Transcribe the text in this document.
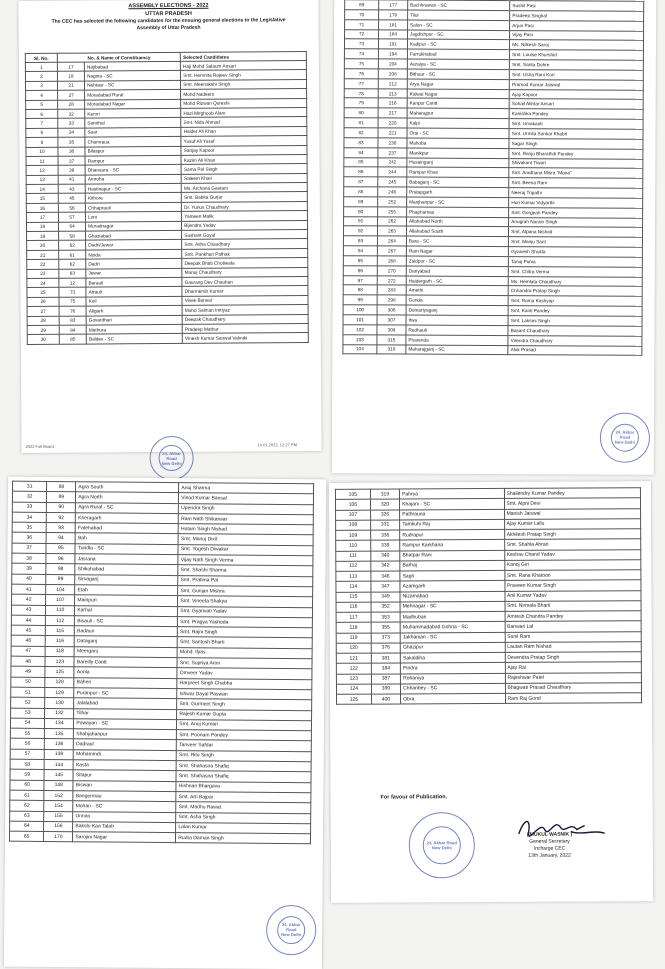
ASSEMBLY ELECTIONS - 2022
UTTAR PRADESH
The CEC has selected the following candidates for the ensuing general elections to the Legislative Assembly of Uttar Pradesh
Sl. No.	No. & Name of Constituency		Selected Candidates
1	17	Najibabad	Haji Mohd Salaum Ansari
2	18	Nagina - SC	Smt. Hemnita Rajeev Singh
3	21	Nehtaur - SC	Smt. Meenakshi Singh
4	27	Moradabad Rural	Mohd Nadeem
5	28	Moradabad Nagar	Mohd Rizwan Qureshi
6	32	Kemri	Hazi Mirghoob Alam
7	33	Samthal	Smt. Nida Ahmad
8	34	Suar	Haider Ali Khan
9	35	Chamraua	Yusuf Ali Yusuf
10	36	Bilaspur	Sanjay Kapoor
11	37	Rampur	Kazim Ali Khan
12	39	Dhanaura - SC	Sama Pal Singh
13	41	Amroha	Saleem Khan
14	43	Hastinapur - SC	Ms. Archana Gautam
15	45	Kithore	Smt. Babita Gurjar
16	56	Chhaprauli	Dr. Yunus Chaudhary
17	57	Loni	Yameen Malik
18	64	Muradnagar	Bijendra Yadav
19	58	Ghaziabad	Sushant Goyal
20	62	Dadri/Jewar	Smt. Asha Chaudhary
21	61	Noida	Smt. Pankhuri Pathak
22	62	Dadri	Deepak Bhati Chotiwala
23	63	Jewar	Manoj Chaudhary
24	12	Barauli	Gaurang Dev Chauhan
25	73	Atrauli	Dharmendr Kumar
26	75	Koil	Vivek Bansal
27	76	Aligarh	Mohd Salman Imtiyaz
28	83	Govardhan	Deepak Chaudhary
29	84	Mathura	Pradeep Mathur
30	85	Baldev - SC	Vinesh Kumar Sanwal Valmiki
2022 Full Board	14.01.2022, 12:27 PM
24, Akbar Road
New Delhi
69	177	Bachhrawan - SC	Sushil Pasi
70	178	Tiloi	Pradeep Singhal
71	181	Salon - SC	Arjun Pasi
72	184	Jagdishpur - SC	Vijay Pasi
73	191	Kadipur - SC	Ms. Nilkesh Saroj
74	194	Farrukhabad	Smt. Louise Khurshid
75	204	Auraiya - SC	Smt. Sarita Dohre
76	208	Bithaur - SC	Smt. Usha Rani Kori
77	212	Arya Nagar	Pramod Kumar Jaiswal
78	213	Kidwai Nagar	Ajay Kapoor
79	216	Kanpur Cantt	Sohail Akhtar Ansari
80	217	Maharajpur	Kanishka Pandey
81	220	Kalpi	Smt. Umakanti
82	221	Orai - SC	Smt. Urmila Sonkar Khabri
83	230	Mahoba	Sagar Singh
84	237	Manikpur	Smt. Ranjo Bharathdi Pandey
85	242	Husainganj	Shivakant Tiwari
86	244	Rampur Khas	Smt. Aradhana Misra "Mona"
87	245	Babaganj - SC	Smt. Beena Rani
88	246	Pratapgarh	Neeraj Tripathi
89	252	Manjhanpur - SC	Hori Kumar Vidyarthi
90	255	Phaphamau	Smt. Gorgeah Pandey
91	262	Allahabad North	Anugrah Narain Singh
92	263	Allahabad South	Smt. Alpana Nishad
93	264	Bara - SC	Smt. Manju Sant
94	267	Ram Nagar	Gyanesh Shukla
95	268	Zaidpur - SC	Tanuj Punia
96	270	Dariyabad	Smt. Chitra Verma
97	272	Haidergarh - SC	Ms. Hemlata Chaudhary
98	283	Amethi	Chhandra Pratap Singh
99	298	Gonda	Smt. Rama Kashyap
100	306	Domariyaganj	Smt. Kanti Pandey
101	307	Itwa	Smt. Laksmi Singh
102	309	Rudhauli	Basant Chaudhary
103	315	Pharenda	Virendra Chaudhary
104	318	Maharajganj - SC	Alok Prasad
24, Akbar Road
New Delhi
31	88	Agra South	Anuj Sharma
32	89	Agra North	Vinod Kumar Bansal
33	90	Agra Rural - SC	Upendra Singh
34	92	Kheragarh	Ram Nath Shikarwar
35	93	Fatehabad	Hotam Singh Nishad
36	94	Bah	Smt. Manoj Dixit
37	95	Tundla - SC	Smt. Yogesh Diwakar
38	96	Jasrana	Vijay Nath Singh Verma
39	98	Shikohabad	Smt. Shashi Sharma
40	99	Sirsaganj	Smt. Pratima Pal
41	104	Etah	Smt. Gunjan Mishra
42	107	Mainpuri	Smt. Vineeta Shakya
43	110	Karhal	Smt. Gyanvati Yadav
44	112	Bisauli - SC	Smt. Pragya Yashoda
45	115	Badaun	Smt. Rajni Singh
46	116	Dataganj	Smt. Santosh Bharti
47	118	Meerganj	Mohd. Ilyas
48	123	Bareilly Cantt	Smt. Supriya Aron
49	125	Aonla	Omveer Yadav
50	128	Baheri	Harpreet Singh Chabba
51	129	Puranpur - SC	Ishwar Dayal Paswan
52	130	Jalalabad	Smt. Gurmeet Singh
53	132	Tilhar	Rajesh Kumar Gupta
54	134	Powayan - SC	Smt. Anuj Kumari
55	135	Shahjahanpur	Smt. Poonam Pandey
56	136	Dadraul	Tanveer Safdar
57	139	Mohammdi	Smt. Ritu Singh
58	144	Kasta	Smt. Shahasna Shafiq
59	145	Sitapur	Smt. Shahasna Shafiq
60	148	Biswan	Hishnan Bhargava
61	152	Bangermau	Smt. Arti Bajpai
62	154	Mohan - SC	Smt. Madhu Rawat
63	155	Unnao	Smt. Asha Singh
64	156	Bakshi Kaa Talab	Lalan Kumar
65	170	Sarojini Nagar	Rudra Daman Singh
24, Akbar Road
New Delhi
105	319	Pahrya	Shailendry Kumar Pandey
106	320	Khajani - SC	Smt. Alpni Devi
107	326	Pathrauna	Manish Jaiswal
108	331	Tamkuhi Raj	Ajay Kumar Lallu
109	336	Rudrapur	Akhilesh Pratap Singh
110	339	Rampur Karkhana	Smt. Shahla Ahrari
111	340	Bhatpar Rani	Keshav Chand Yadav
112	342	Barhaj	Kanoj Giri
113	346	Sagri	Smt. Rana Khatoon
114	347	Azamgarh	Praveen Kumar Singh
115	349	Nizamabad	Anil Kumar Yadav
116	352	Mehnagar - SC	Smt. Nirmala Bharti
117	353	Madhuban	Amresh Chandra Pandey
118	355	Muhammadabad Gohna - SC	Banwari Lal
119	373	Jakhanian - SC	Sunil Ram
120	376	Ghazipur	Lautan Ram Nishad
121	381	Sakaldiha	Devendra Pratap Singh
122	384	Pindra	Ajay Rai
123	387	Rohaniya	Rajeshwar Patel
124	390	Chhanbey - SC	Bhagwati Prasad Chaudhary
125	400	Obra	Ram Raj Gond
For favour of Publication.
( MUKUL WASNIK )
General Secretary
Incharge CEC
13th January, 2022
24, Akbar Road
New Delhi
